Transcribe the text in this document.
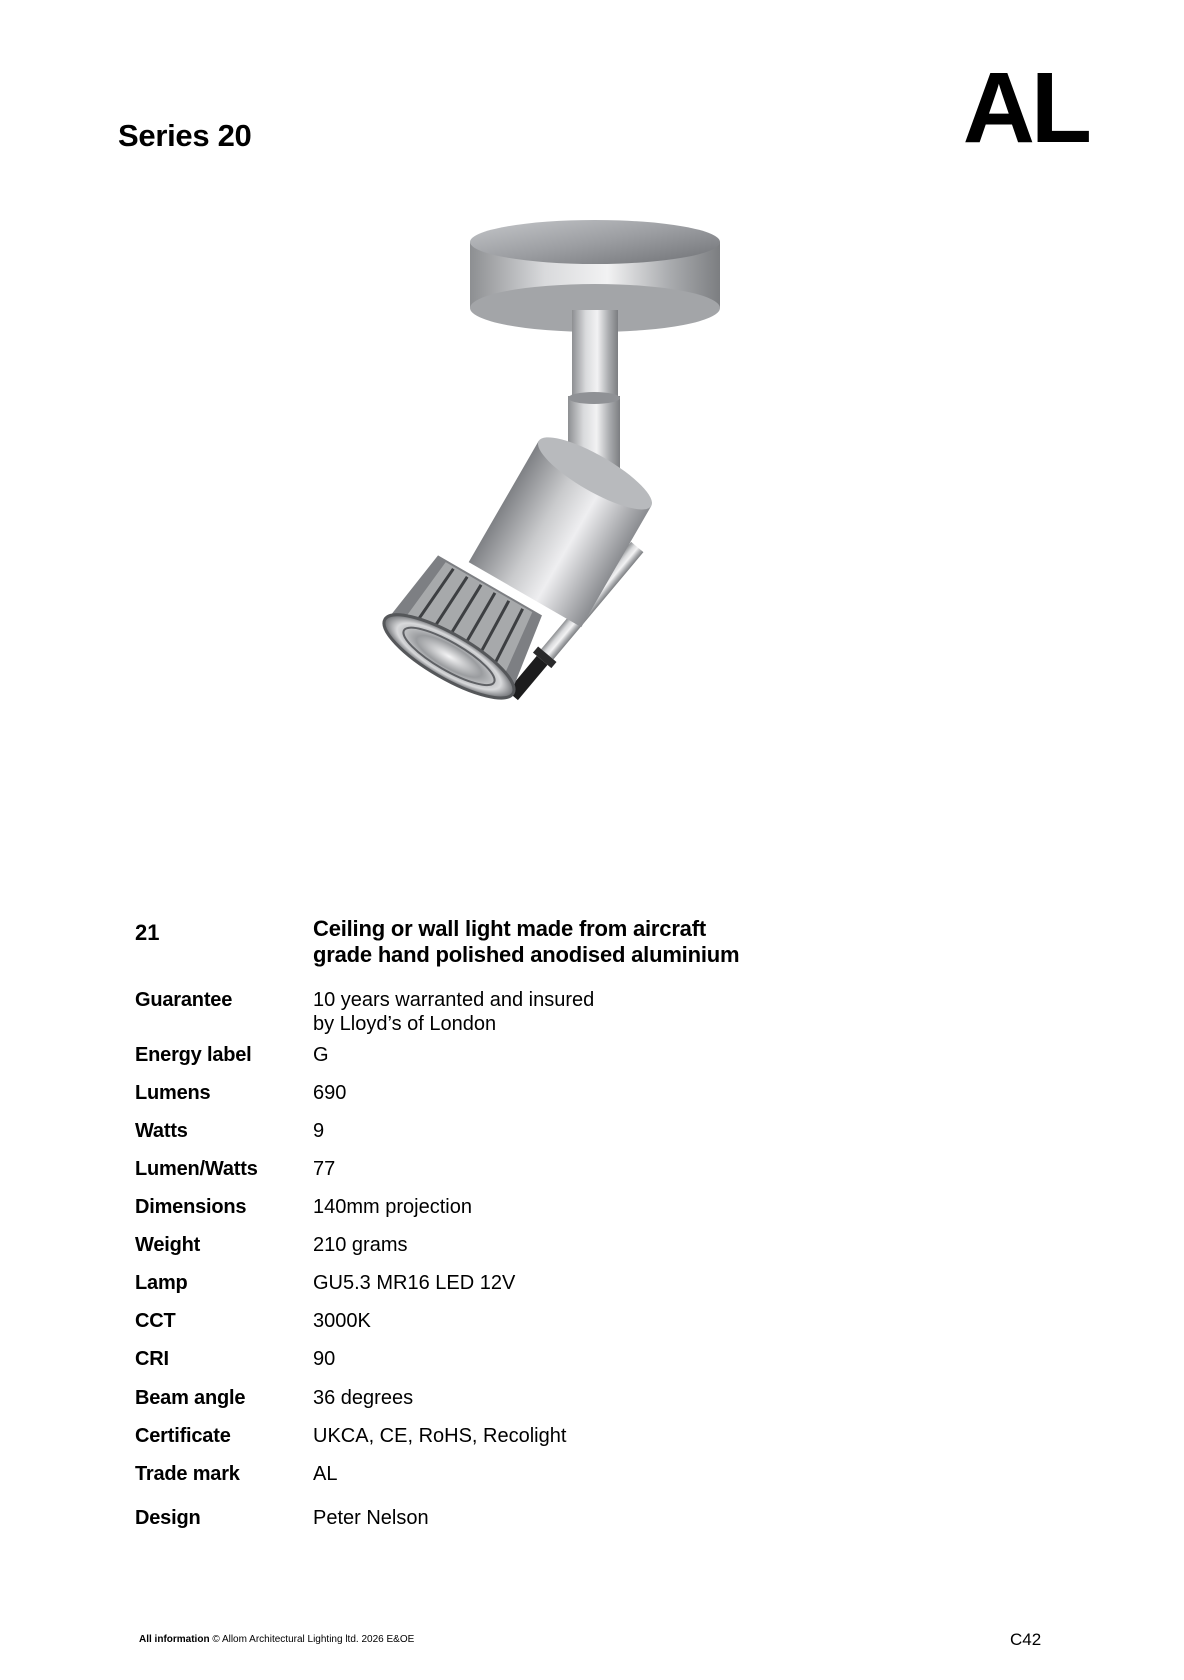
Series 20	AL
21	Ceiling or wall light made from aircraft
grade hand polished anodised aluminium
Guarantee	10 years warranted and insured
by Lloyd’s of London
Energy label	G
Lumens	690
Watts	9
Lumen/Watts	77
Dimensions	140mm projection
Weight	210 grams
Lamp	GU5.3 MR16 LED 12V
CCT	3000K
CRI	90
Beam angle	36 degrees
Certificate	UKCA, CE, RoHS, Recolight
Trade mark	AL
Design	Peter Nelson
All information © Allom Architectural Lighting ltd. 2026 E&OE	C42
